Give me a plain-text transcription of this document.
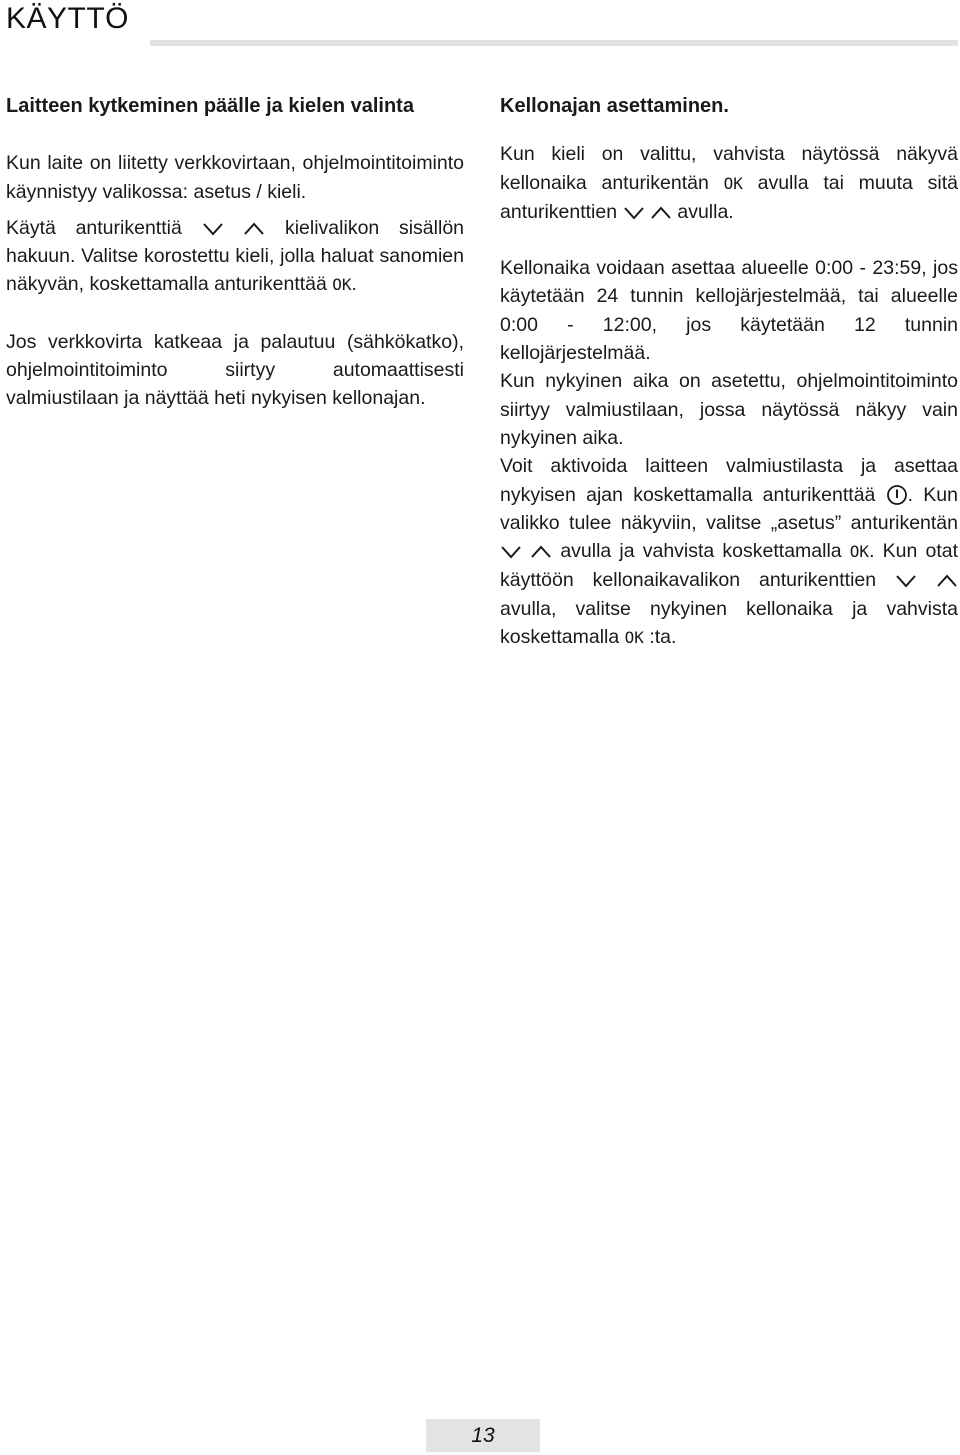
KÄYTTÖ
Laitteen kytkeminen päälle ja kielen valinta

Kun laite on liitetty verkkovirtaan, ohjelmointitoiminto käynnistyy valikossa: asetus / kieli.

Käytä anturikenttiä
	kielivalikon sisällön hakuun. Valitse korostettu kieli, jolla haluat sanomien näkyvän, koskettamalla anturikenttää OK.

Jos verkkovirta katkeaa ja palautuu (sähkökatko), ohjelmointitoiminto siirtyy automaattisesti valmiustilaan ja näyttää heti nykyisen kellonajan.

Kellonajan asettaminen.

Kun kieli on valittu, vahvista näytössä näkyvä kellonaika anturikentän OK avulla tai muuta sitä anturikenttien
	avulla.

Kellonaika voidaan asettaa alueelle 0:00 - 23:59, jos käytetään 24 tunnin kellojärjestelmää, tai alueelle 0:00 - 12:00, jos käytetään 12 tunnin kellojärjestelmää.

Kun nykyinen aika on asetettu, ohjelmointitoiminto siirtyy valmiustilaan, jossa näytössä näkyy vain nykyinen aika.

Voit aktivoida laitteen valmiustilasta ja asettaa nykyisen ajan koskettamalla anturikenttää . Kun valikko tulee näkyviin, valitse „asetus” anturikentän

avulla ja vahvista koskettamalla OK. Kun otat käyttöön kellonaikavalikon anturikenttien

avulla, valitse nykyinen kellonaika ja vahvista koskettamalla OK :ta.

13
